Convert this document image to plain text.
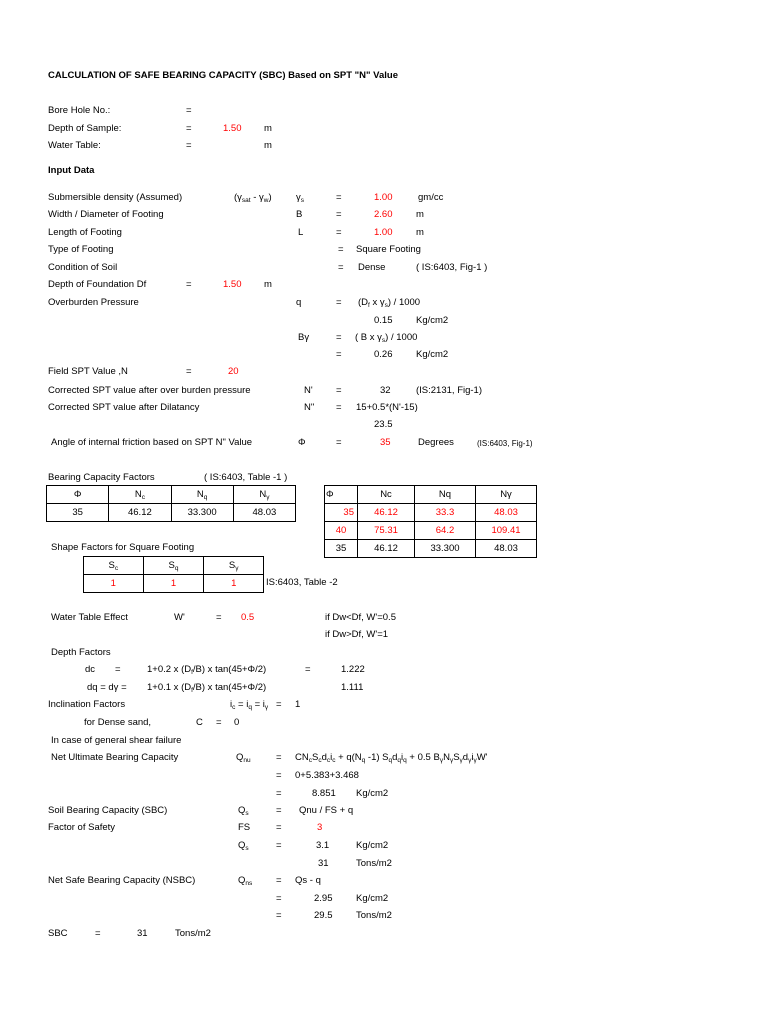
CALCULATION OF SAFE BEARING CAPACITY (SBC) Based on SPT "N" Value
Bore Hole No.:	=
Depth of Sample:	=	1.50 m
Water Table:	=	m
Input Data
Submersible density (Assumed)	$(\gamma_{sat} - \gamma_w)$	$\gamma_s$	=	1.00	gm/cc
Width / Diameter of Footing	B	=	2.60 m
Length of Footing	L	=	1.00 m
Type of Footing	= Square Footing
Condition of Soil	= Dense	( IS:6403, Fig-1 )
Depth of Foundation Df	=	1.50 m
Overburden Pressure	q	= ($D_f$ x $\gamma_s) / 1000$
0.15 Kg/cm2
Bγ	= ( B x $\gamma_s) / 1000$
=	0.26 Kg/cm2
Field SPT Value ,N	=	20
Corrected SPT value after over burden pressure	N' =	32	(IS:2131, Fig-1)
Corrected SPT value after Dilatancy	N" = 15+0.5*(N'-15)
23.5
Angle of internal friction based on SPT N" Value	Φ	=	35	Degrees	(IS:6403, Fig-1)
Bearing Capacity Factors	( IS:6403, Table -1 )
Φ	$N_c$	$N_q$	$N_\gamma$
35	46.12	33.300	48.03
Φ	Nc	Nq	Nγ
35	46.12	33.3	48.03
40	75.31	64.2	109.41
35	46.12	33.300	48.03
Shape Factors for Square Footing
$S_c$	$S_q$	$S_\gamma$
1	1	1	IS:6403, Table -2
Water Table Effect	W'	= 0.5	if Dw<Df, W'=0.5
if Dw>Df, W'=1
Depth Factors
dc =	1+0.2 x $(D_f/B)$ x tan(45+Φ/2)	=	1.222
dq = dγ = 1+0.1 x $(D_f/B)$ x tan(45+Φ/2)	1.111
Inclination Factors	$i_c = i_q = i_\gamma = 1$
for Dense sand,	C = 0
In case of general shear failure
Net Ultimate Bearing Capacity	$Q_{nu}$	= $CN_cS_cd_ci_c + q(N_q$ -1) $S_qd_qi_q + 0.5$ $B_\gamma N_\gamma S_\gamma d_\gamma i_\gamma W'$
= 0+5.383+3.468
=	8.851 Kg/cm2
Soil Bearing Capacity (SBC)	$Q_s$	= Qnu / FS + q
Factor of Safety	FS	=	3
$Q_s$	=	3.1	Kg/cm2
31	Tons/m2
Net Safe Bearing Capacity (NSBC)	$Q_{ns} = Qs - q$
=	2.95 Kg/cm2
=	29.5 Tons/m2
SBC	=	31	Tons/m2
